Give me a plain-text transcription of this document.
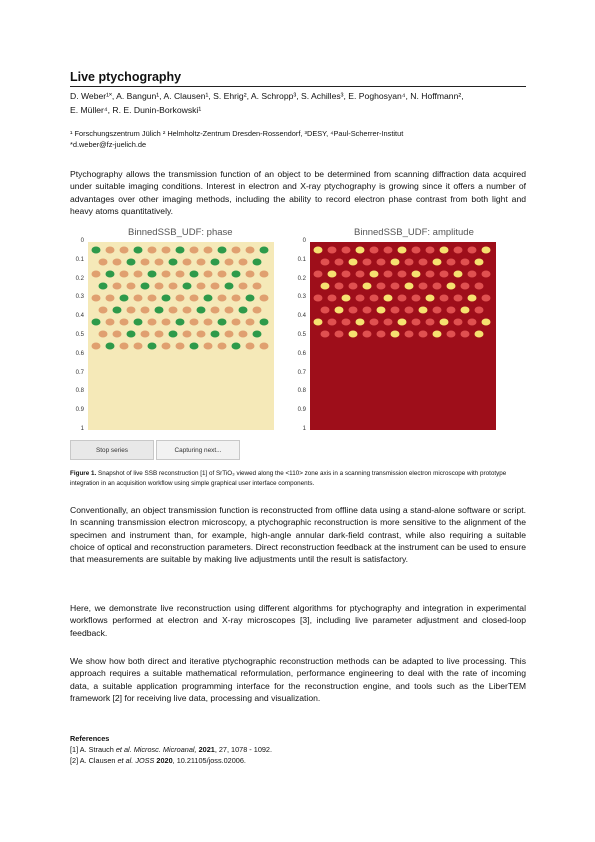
Live ptychography
D. Weber¹˟, A. Bangun¹, A. Clausen¹, S. Ehrig², A. Schropp³, S. Achilles³, E. Poghosyan⁴, N. Hoffmann²,
E. Müller⁴, R. E. Dunin-Borkowski¹
¹ Forschungszentrum Jülich ² Helmholtz-Zentrum Dresden-Rossendorf, ³DESY, ⁴Paul-Scherrer-Institut
*d.weber@fz-juelich.de
Ptychography allows the transmission function of an object to be determined from scanning diffraction data acquired under suitable imaging conditions. Interest in electron and X-ray ptychography is growing since it offers a number of advantages over other imaging methods, including the ability to record electron phase contrast from both light and heavy atoms quantitatively.
BinnedSSB_UDF: phase	BinnedSSB_UDF: amplitude
0
0.1
0.2
0.3
0.4
0.5
0.6
0.7
0.8
0.9
1
0
0.1
0.2
0.3
0.4
0.5
0.6
0.7
0.8
0.9
1
Stop series	Capturing next...
Figure 1. Snapshot of live SSB reconstruction [1] of SrTiO₃ viewed along the <110> zone axis in a scanning transmission electron microscope with prototype integration in an acquisition workflow using simple graphical user interface components.
Conventionally, an object transmission function is reconstructed from offline data using a stand-alone software or script. In scanning transmission electron microscopy, a ptychographic reconstruction is more sensitive to the alignment of the specimen and instrument than, for example, high-angle annular dark-field contrast, while also requiring a suitable choice of optical and reconstruction parameters. Direct reconstruction feedback at the instrument can be used to ensure that measurements are suitable by making live adjustments until the result is satisfactory.
Here, we demonstrate live reconstruction using different algorithms for ptychography and integration in experimental workflows performed at electron and X-ray microscopes [3], including live parameter adjustment and closed-loop feedback.
We show how both direct and iterative ptychographic reconstruction methods can be adapted to live processing. This approach requires a suitable mathematical reformulation, performance engineering to deal with the rate of incoming data, a suitable application programming interface for the reconstruction engine, and tools such as the LiberTEM framework [2] for receiving live data, processing and visualization.
References
[1] A. Strauch et al. Microsc. Microanal, 2021, 27, 1078 - 1092.
[2] A. Clausen et al. JOSS 2020, 10.21105/joss.02006.
